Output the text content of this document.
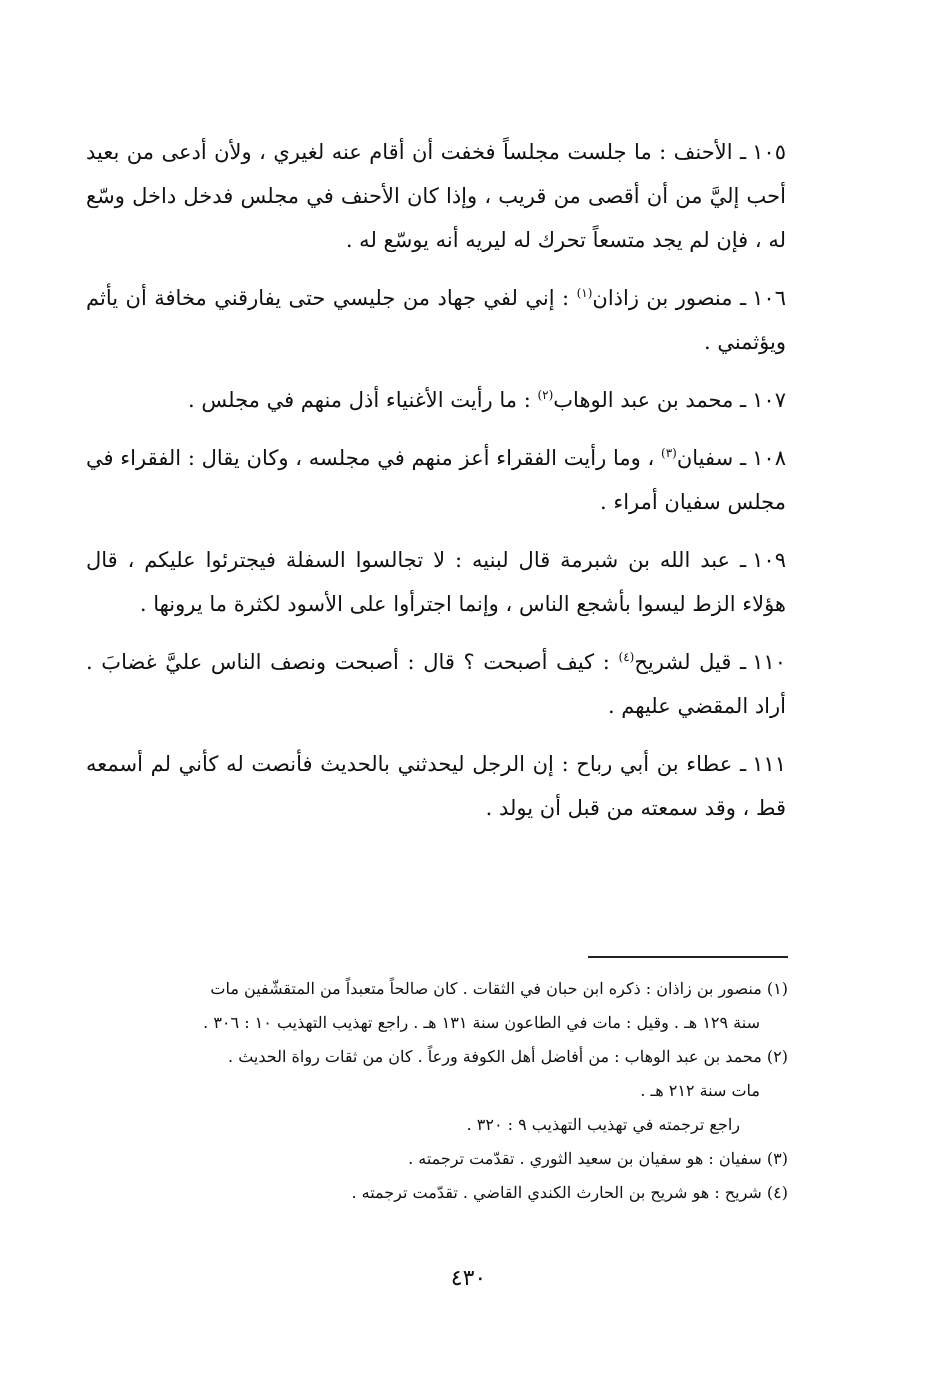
١٠٥ـ الأحنف : ما جلست مجلساً فخفت أن أقام عنه لغيري ، ولأن أدعى من بعيد أحب إليَّ من أن أقصى من قريب ، وإذا كان الأحنف في مجلس فدخل داخل وسّع له ، فإن لم يجد متسعاً تحرك له ليريه أنه يوسّع له .

١٠٦ـ منصور بن زاذان$^{(١)}$ : إني لفي جهاد من جليسي حتى يفارقني مخافة أن يأثم ويؤثمني .

١٠٧ـ محمد بن عبد الوهاب$^{(٢)}$ : ما رأيت الأغنياء أذل منهم في مجلس .

١٠٨ـ سفيان$^{(٣)}$ ، وما رأيت الفقراء أعز منهم في مجلسه ، وكان يقال : الفقراء في مجلس سفيان أمراء .

١٠٩ـ عبد الله بن شبرمة قال لبنيه : لا تجالسوا السفلة فيجترئوا عليكم ، قال هؤلاء الزط ليسوا بأشجع الناس ، وإنما اجترأوا على الأسود لكثرة ما يرونها .

١١٠ـ قيل لشريح$^{(٤)}$ : كيف أصبحت ؟ قال : أصبحت ونصف الناس عليَّ غضابَ . أراد المقضي عليهم .

١١١ـ عطاء بن أبي رباح : إن الرجل ليحدثني بالحديث فأنصت له كأني لم أسمعه قط ، وقد سمعته من قبل أن يولد .

(١) منصور بن زاذان : ذكره ابن حبان في الثقات . كان صالحاً متعبداً من المتقشّفين مات
سنة ١٢٩ هـ . وقيل : مات في الطاعون سنة ١٣١ هـ . راجع تهذيب التهذيب ١٠ : ٣٠٦ .

(٢) محمد بن عبد الوهاب : من أفاضل أهل الكوفة ورعاً . كان من ثقات رواة الحديث .
مات سنة ٢١٢ هـ .

راجع ترجمته في تهذيب التهذيب ٩ : ٣٢٠ .

(٣) سفيان : هو سفيان بن سعيد الثوري . تقدّمت ترجمته .

(٤) شريح : هو شريح بن الحارث الكندي القاضي . تقدّمت ترجمته .

٤٣٠
